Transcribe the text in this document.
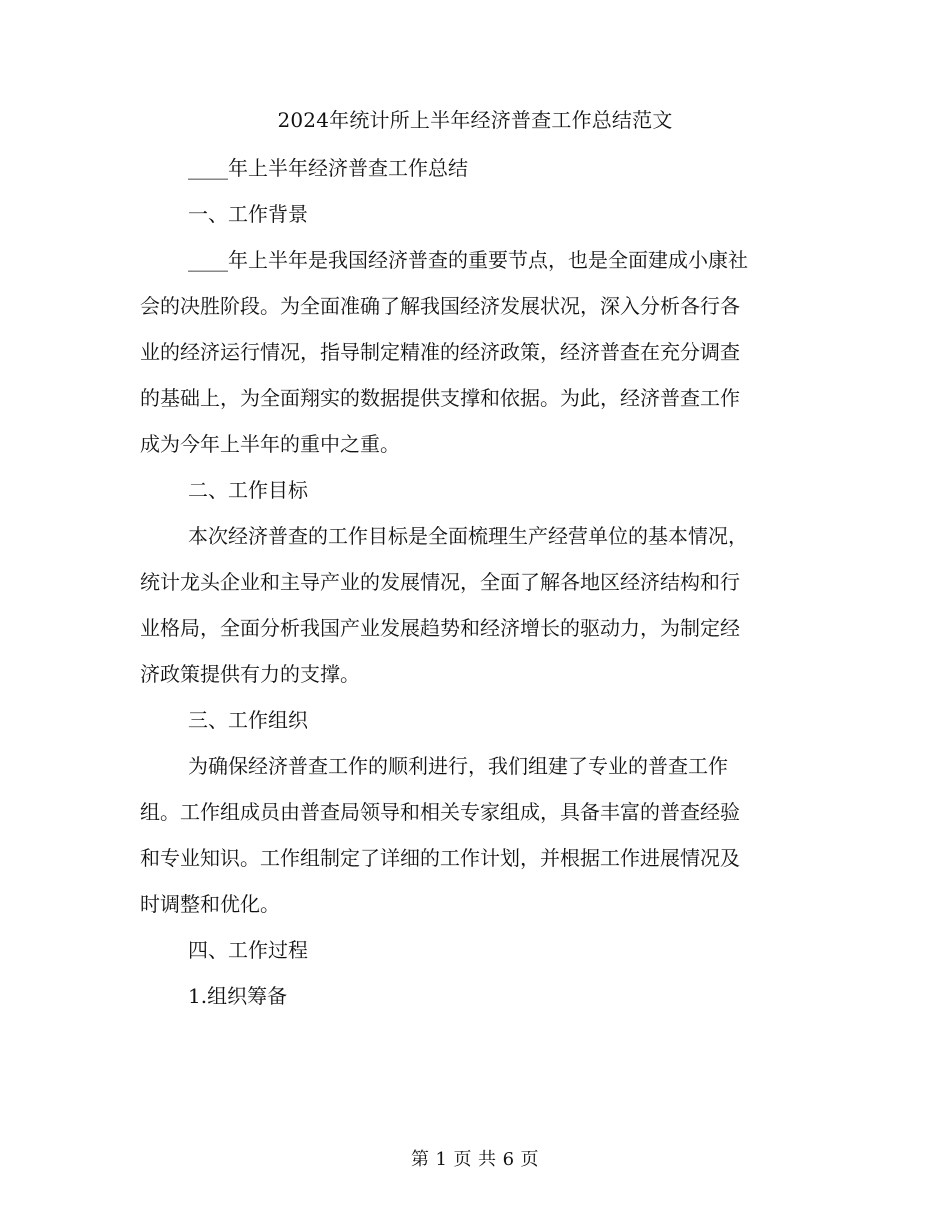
2024年统计所上半年经济普查工作总结范文
____年上半年经济普查工作总结
一、工作背景
____年上半年是我国经济普查的重要节点，也是全面建成小康社
会的决胜阶段。为全面准确了解我国经济发展状况，深入分析各行各
业的经济运行情况，指导制定精准的经济政策，经济普查在充分调查
的基础上，为全面翔实的数据提供支撑和依据。为此，经济普查工作
成为今年上半年的重中之重。
二、工作目标
本次经济普查的工作目标是全面梳理生产经营单位的基本情况，
统计龙头企业和主导产业的发展情况，全面了解各地区经济结构和行
业格局，全面分析我国产业发展趋势和经济增长的驱动力，为制定经
济政策提供有力的支撑。
三、工作组织
为确保经济普查工作的顺利进行，我们组建了专业的普查工作
组。工作组成员由普查局领导和相关专家组成，具备丰富的普查经验
和专业知识。工作组制定了详细的工作计划，并根据工作进展情况及
时调整和优化。
四、工作过程
1.组织筹备
第 1 页 共 6 页
